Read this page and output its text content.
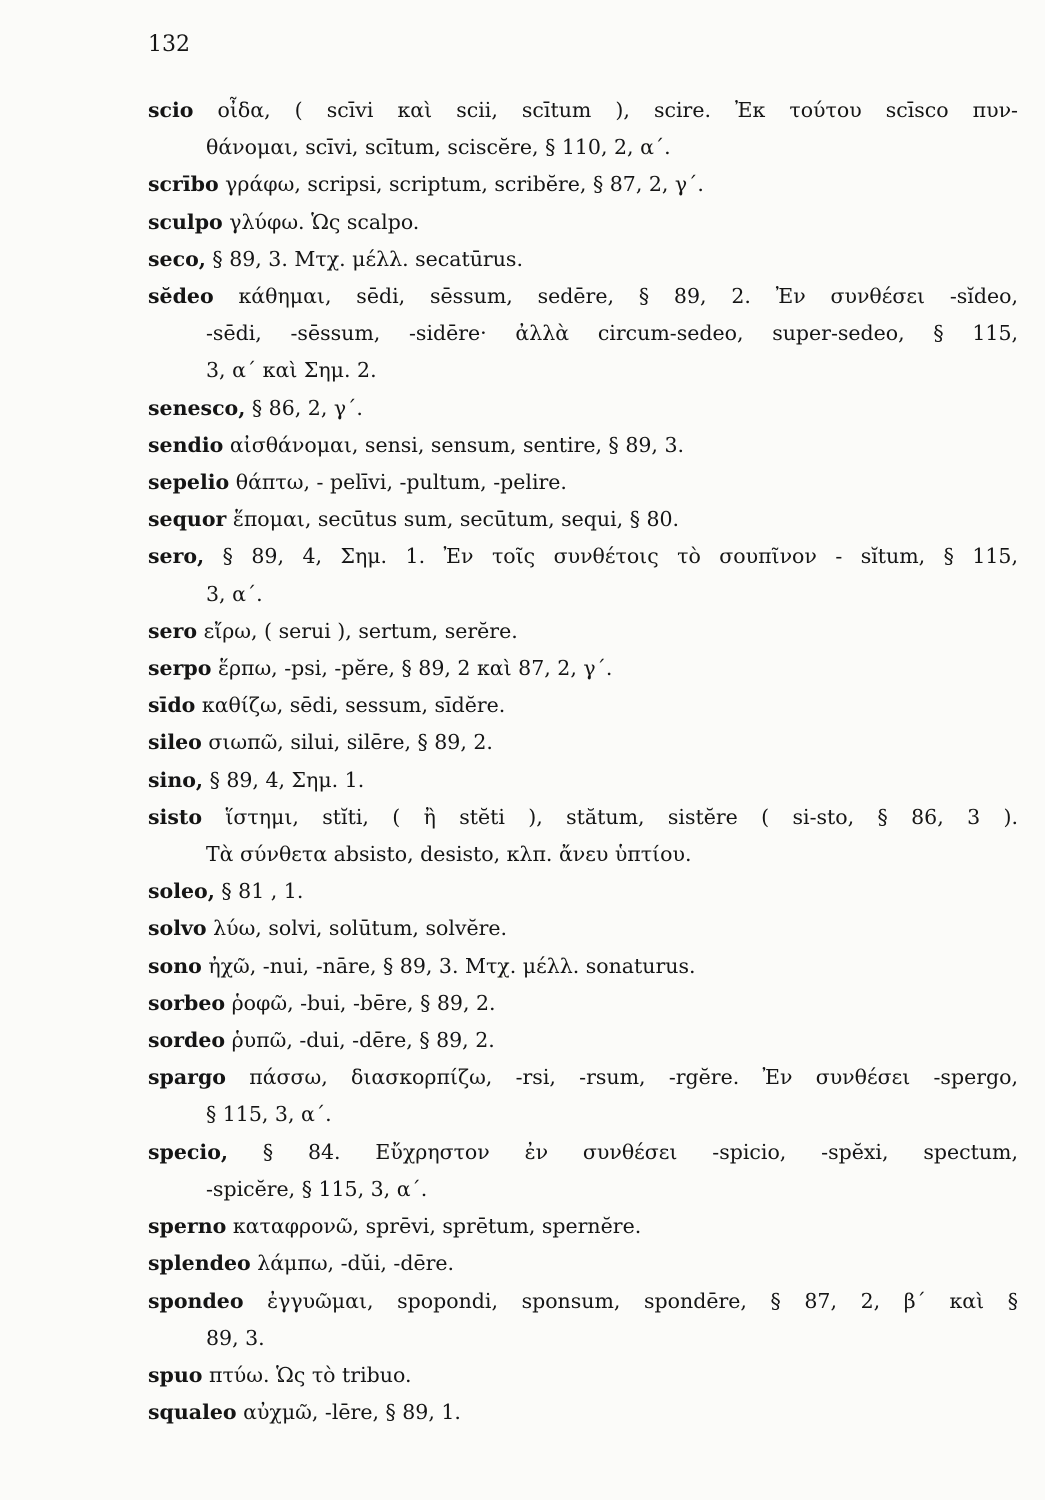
132
scio οἶδα, ( scīvi καὶ scii, scītum ), scire. Ἐκ τούτου scīsco πυν-
θάνομαι, scīvi, scītum, sciscĕre, § 110, 2, α΄.
scrībo γράφω, scripsi, scriptum, scribĕre, § 87, 2, γ΄.
sculpo γλύφω. Ὡς scalpo.
seco, § 89, 3. Μτχ. μέλλ. secatūrus.
sĕdeo κάθημαι, sēdi, sēssum, sedēre, § 89, 2. Ἐν συνθέσει -sĭdeo,
-sēdi, -sēssum, -sidēre· ἀλλὰ circum-sedeo, super-sedeo, § 115,
3, α΄ καὶ Σημ. 2.
senesco, § 86, 2, γ΄.
sendio αἰσθάνομαι, sensi, sensum, sentire, § 89, 3.
sepelio θάπτω, - pelīvi, -pultum, -pelire.
sequor ἕπομαι, secūtus sum, secūtum, sequi, § 80.
sero, § 89, 4, Σημ. 1. Ἐν τοῖς συνθέτοις τὸ σουπῖνον - sĭtum, § 115,
3, α΄.
sero εἴρω, ( serui ), sertum, serĕre.
serpo ἕρπω, -psi, -pĕre, § 89, 2 καὶ 87, 2, γ΄.
sīdo καθίζω, sēdi, sessum, sīdĕre.
sileo σιωπῶ, silui, silēre, § 89, 2.
sino, § 89, 4, Σημ. 1.
sisto ἵστημι, stĭti, ( ἢ stĕti ), stătum, sistĕre ( si-sto, § 86, 3 ).
Τὰ σύνθετα absisto, desisto, κλπ. ἄνευ ὑπτίου.
soleo, § 81 , 1.
solvo λύω, solvi, solūtum, solvĕre.
sono ἠχῶ, -nui, -nāre, § 89, 3. Μτχ. μέλλ. sonaturus.
sorbeo ῥοφῶ, -bui, -bēre, § 89, 2.
sordeo ῥυπῶ, -dui, -dēre, § 89, 2.
spargo πάσσω, διασκορπίζω, -rsi, -rsum, -rgĕre. Ἐν συνθέσει -spergo,
§ 115, 3, α΄.
specio, § 84. Εὔχρηστον ἐν συνθέσει -spicio, -spĕxi, spectum,
-spicĕre, § 115, 3, α΄.
sperno καταφρονῶ, sprēvi, sprētum, spernĕre.
splendeo λάμπω, -dŭi, -dēre.
spondeo ἐγγυῶμαι, spopondi, sponsum, spondēre, § 87, 2, β΄ καὶ §
89, 3.
spuo πτύω. Ὡς τὸ tribuo.
squaleo αὐχμῶ, -lēre, § 89, 1.
